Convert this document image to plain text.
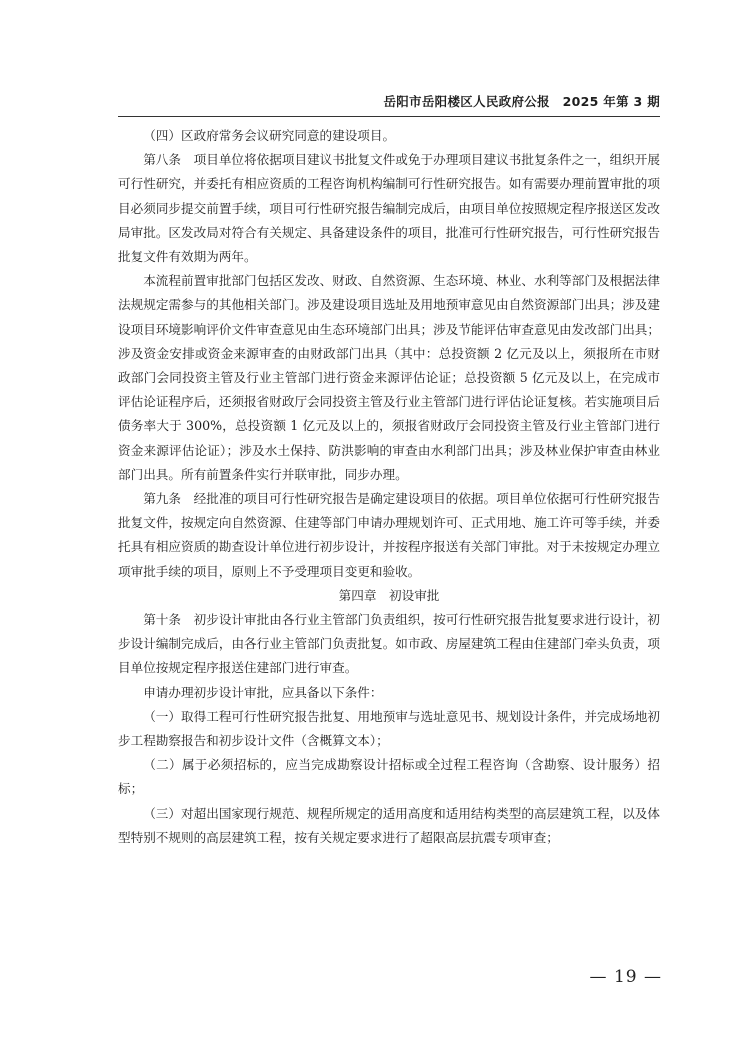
岳阳市岳阳楼区人民政府公报　2025 年第 3 期

（四）区政府常务会议研究同意的建设项目。

第八条　项目单位将依据项目建议书批复文件或免于办理项目建议书批复条件之一，组织开展可行性研究，并委托有相应资质的工程咨询机构编制可行性研究报告。如有需要办理前置审批的项目必须同步提交前置手续，项目可行性研究报告编制完成后，由项目单位按照规定程序报送区发改局审批。区发改局对符合有关规定、具备建设条件的项目，批准可行性研究报告，可行性研究报告批复文件有效期为两年。

本流程前置审批部门包括区发改、财政、自然资源、生态环境、林业、水利等部门及根据法律法规规定需参与的其他相关部门。涉及建设项目选址及用地预审意见由自然资源部门出具；涉及建设项目环境影响评价文件审查意见由生态环境部门出具；涉及节能评估审查意见由发改部门出具；涉及资金安排或资金来源审查的由财政部门出具（其中：总投资额 2 亿元及以上，须报所在市财政部门会同投资主管及行业主管部门进行资金来源评估论证；总投资额 5 亿元及以上，在完成市评估论证程序后，还须报省财政厅会同投资主管及行业主管部门进行评估论证复核。若实施项目后债务率大于 300%，总投资额 1 亿元及以上的，须报省财政厅会同投资主管及行业主管部门进行资金来源评估论证）；涉及水土保持、防洪影响的审查由水利部门出具；涉及林业保护审查由林业部门出具。所有前置条件实行并联审批，同步办理。

第九条　经批准的项目可行性研究报告是确定建设项目的依据。项目单位依据可行性研究报告批复文件，按规定向自然资源、住建等部门申请办理规划许可、正式用地、施工许可等手续，并委托具有相应资质的勘查设计单位进行初步设计，并按程序报送有关部门审批。对于未按规定办理立项审批手续的项目，原则上不予受理项目变更和验收。

第四章　初设审批

第十条　初步设计审批由各行业主管部门负责组织，按可行性研究报告批复要求进行设计，初步设计编制完成后，由各行业主管部门负责批复。如市政、房屋建筑工程由住建部门牵头负责，项目单位按规定程序报送住建部门进行审查。

申请办理初步设计审批，应具备以下条件：

（一）取得工程可行性研究报告批复、用地预审与选址意见书、规划设计条件，并完成场地初步工程勘察报告和初步设计文件（含概算文本）；

（二）属于必须招标的，应当完成勘察设计招标或全过程工程咨询（含勘察、设计服务）招标；

（三）对超出国家现行规范、规程所规定的适用高度和适用结构类型的高层建筑工程，以及体型特别不规则的高层建筑工程，按有关规定要求进行了超限高层抗震专项审查；

— 19 —
